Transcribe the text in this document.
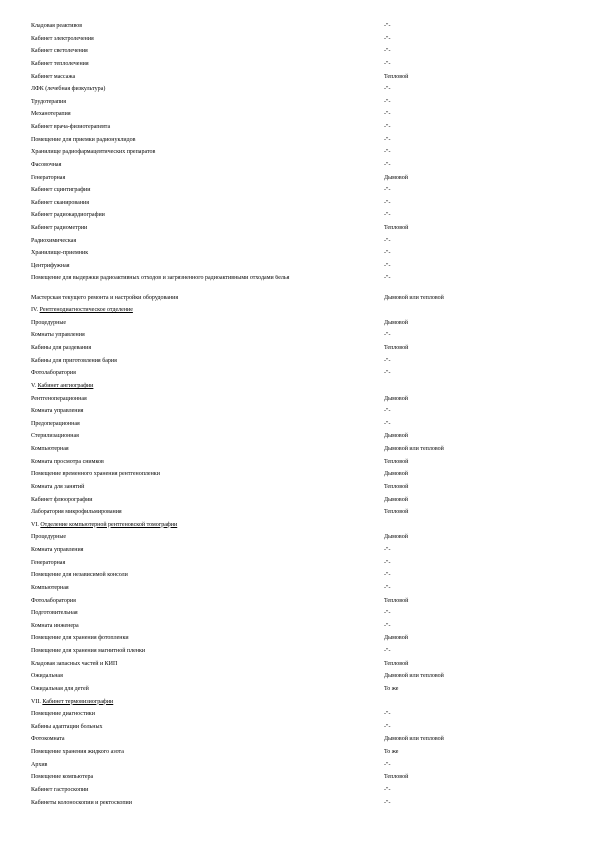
Кладовая реактивов	-"-
Кабинет электролечения	-"-
Кабинет светолечения	-"-
Кабинет теплолечения	-"-
Кабинет массажа	Тепловой
ЛФК (лечебная физкультура)	-"-
Трудотерапия	-"-
Механотерапия	-"-
Кабинет врача-физиотерапевта	-"-
Помещение для приемки радионуклидов	-"-
Хранилище радиофармацевтических препаратов	-"-
Фасовочная	-"-
Генераторная	Дымовой
Кабинет сцинтиграфии	-"-
Кабинет сканирования	-"-
Кабинет радиокардиографии	-"-
Кабинет радиометрии	Тепловой
Радиохимическая	-"-
Хранилище-приемник	-"-
Центрифужная	-"-
Помещение для выдержки радиоактивных отходов и загрязненного радиоактивными отходами белья	-"-
Мастерская текущего ремонта и настройки оборудования	Дымовой или тепловой
IV. Рентгенодиагностическое отделение
Процедурные	Дымовой
Комнаты управления	-"-
Кабины для раздевания	Тепловой
Кабины для приготовления бария	-"-
Фотолаборатория	-"-
V. Кабинет ангиографии
Рентгеноперационная	Дымовой
Комната управления	-"-
Предоперационная	-"-
Стерилизационная	Дымовой
Компьютерная	Дымовой или тепловой
Комната просмотра снимков	Тепловой
Помещение временного хранения рентгенопленки	Дымовой
Комната для занятий	Тепловой
Кабинет флюорографии	Дымовой
Лаборатория микрофильмирования	Тепловой
VI. Отделение компьютерной рентгеновской томографии
Процедурные	Дымовой
Комната управления	-"-
Генераторная	-"-
Помещение для независимой консоли	-"-
Компьютерная	-"-
Фотолаборатория	Тепловой
Подготовительная	-"-
Комната инженера	-"-
Помещение для хранения фотопленки	Дымовой
Помещение для хранения магнитной пленки	-"-
Кладовая запасных частей и КИП	Тепловой
Ожидальная	Дымовой или тепловой
Ожидальная для детей	То же
VII. Кабинет термовизиографии
Помещение диагностики	-"-
Кабины адаптации больных	-"-
Фотокомната	Дымовой или тепловой
Помещение хранения жидкого азота	То же
Архив	-"-
Помещение компьютера	Тепловой
Кабинет гастроскопии	-"-
Кабинеты колоноскопии и ректоскопии	-"-
